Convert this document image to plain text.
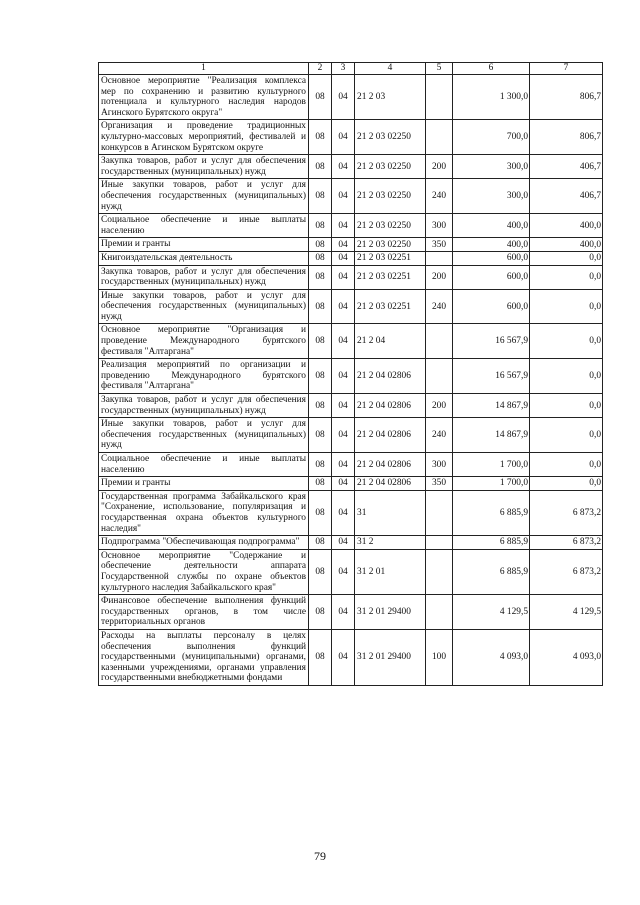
1	2	3	4	5	6	7
Основное мероприятие "Реализация комплекса мер по сохранению и развитию культурного потенциала и культурного наследия народов Агинского Бурятского округа"	08	04	21 2 03		1 300,0	806,7
Организация и проведение традиционных культурно-массовых мероприятий, фестивалей и конкурсов в Агинском Бурятском округе	08	04	21 2 03 02250		700,0	806,7
Закупка товаров, работ и услуг для обеспечения государственных (муниципальных) нужд	08	04	21 2 03 02250	200	300,0	406,7
Иные закупки товаров, работ и услуг для обеспечения государственных (муниципальных) нужд	08	04	21 2 03 02250	240	300,0	406,7
Социальное обеспечение и иные выплаты населению	08	04	21 2 03 02250	300	400,0	400,0
Премии и гранты	08	04	21 2 03 02250	350	400,0	400,0
Книгоиздательская деятельность	08	04	21 2 03 02251		600,0	0,0
Закупка товаров, работ и услуг для обеспечения государственных (муниципальных) нужд	08	04	21 2 03 02251	200	600,0	0,0
Иные закупки товаров, работ и услуг для обеспечения государственных (муниципальных) нужд	08	04	21 2 03 02251	240	600,0	0,0
Основное мероприятие "Организация и проведение Международного бурятского фестиваля "Алтаргана"	08	04	21 2 04		16 567,9	0,0
Реализация мероприятий по организации и проведению Международного бурятского фестиваля "Алтаргана"	08	04	21 2 04 02806		16 567,9	0,0
Закупка товаров, работ и услуг для обеспечения государственных (муниципальных) нужд	08	04	21 2 04 02806	200	14 867,9	0,0
Иные закупки товаров, работ и услуг для обеспечения государственных (муниципальных) нужд	08	04	21 2 04 02806	240	14 867,9	0,0
Социальное обеспечение и иные выплаты населению	08	04	21 2 04 02806	300	1 700,0	0,0
Премии и гранты	08	04	21 2 04 02806	350	1 700,0	0,0
Государственная программа Забайкальского края "Сохранение, использование, популяризация и государственная охрана объектов культурного наследия"	08	04	31		6 885,9	6 873,2
Подпрограмма "Обеспечивающая подпрограмма"	08	04	31 2		6 885,9	6 873,2
Основное мероприятие "Содержание и обеспечение деятельности аппарата Государственной службы по охране объектов культурного наследия Забайкальского края"	08	04	31 2 01		6 885,9	6 873,2
Финансовое обеспечение выполнения функций государственных органов, в том числе территориальных органов	08	04	31 2 01 29400		4 129,5	4 129,5
Расходы на выплаты персоналу в целях обеспечения выполнения функций государственными (муниципальными) органами, казенными учреждениями, органами управления государственными внебюджетными фондами	08	04	31 2 01 29400	100	4 093,0	4 093,0
79
